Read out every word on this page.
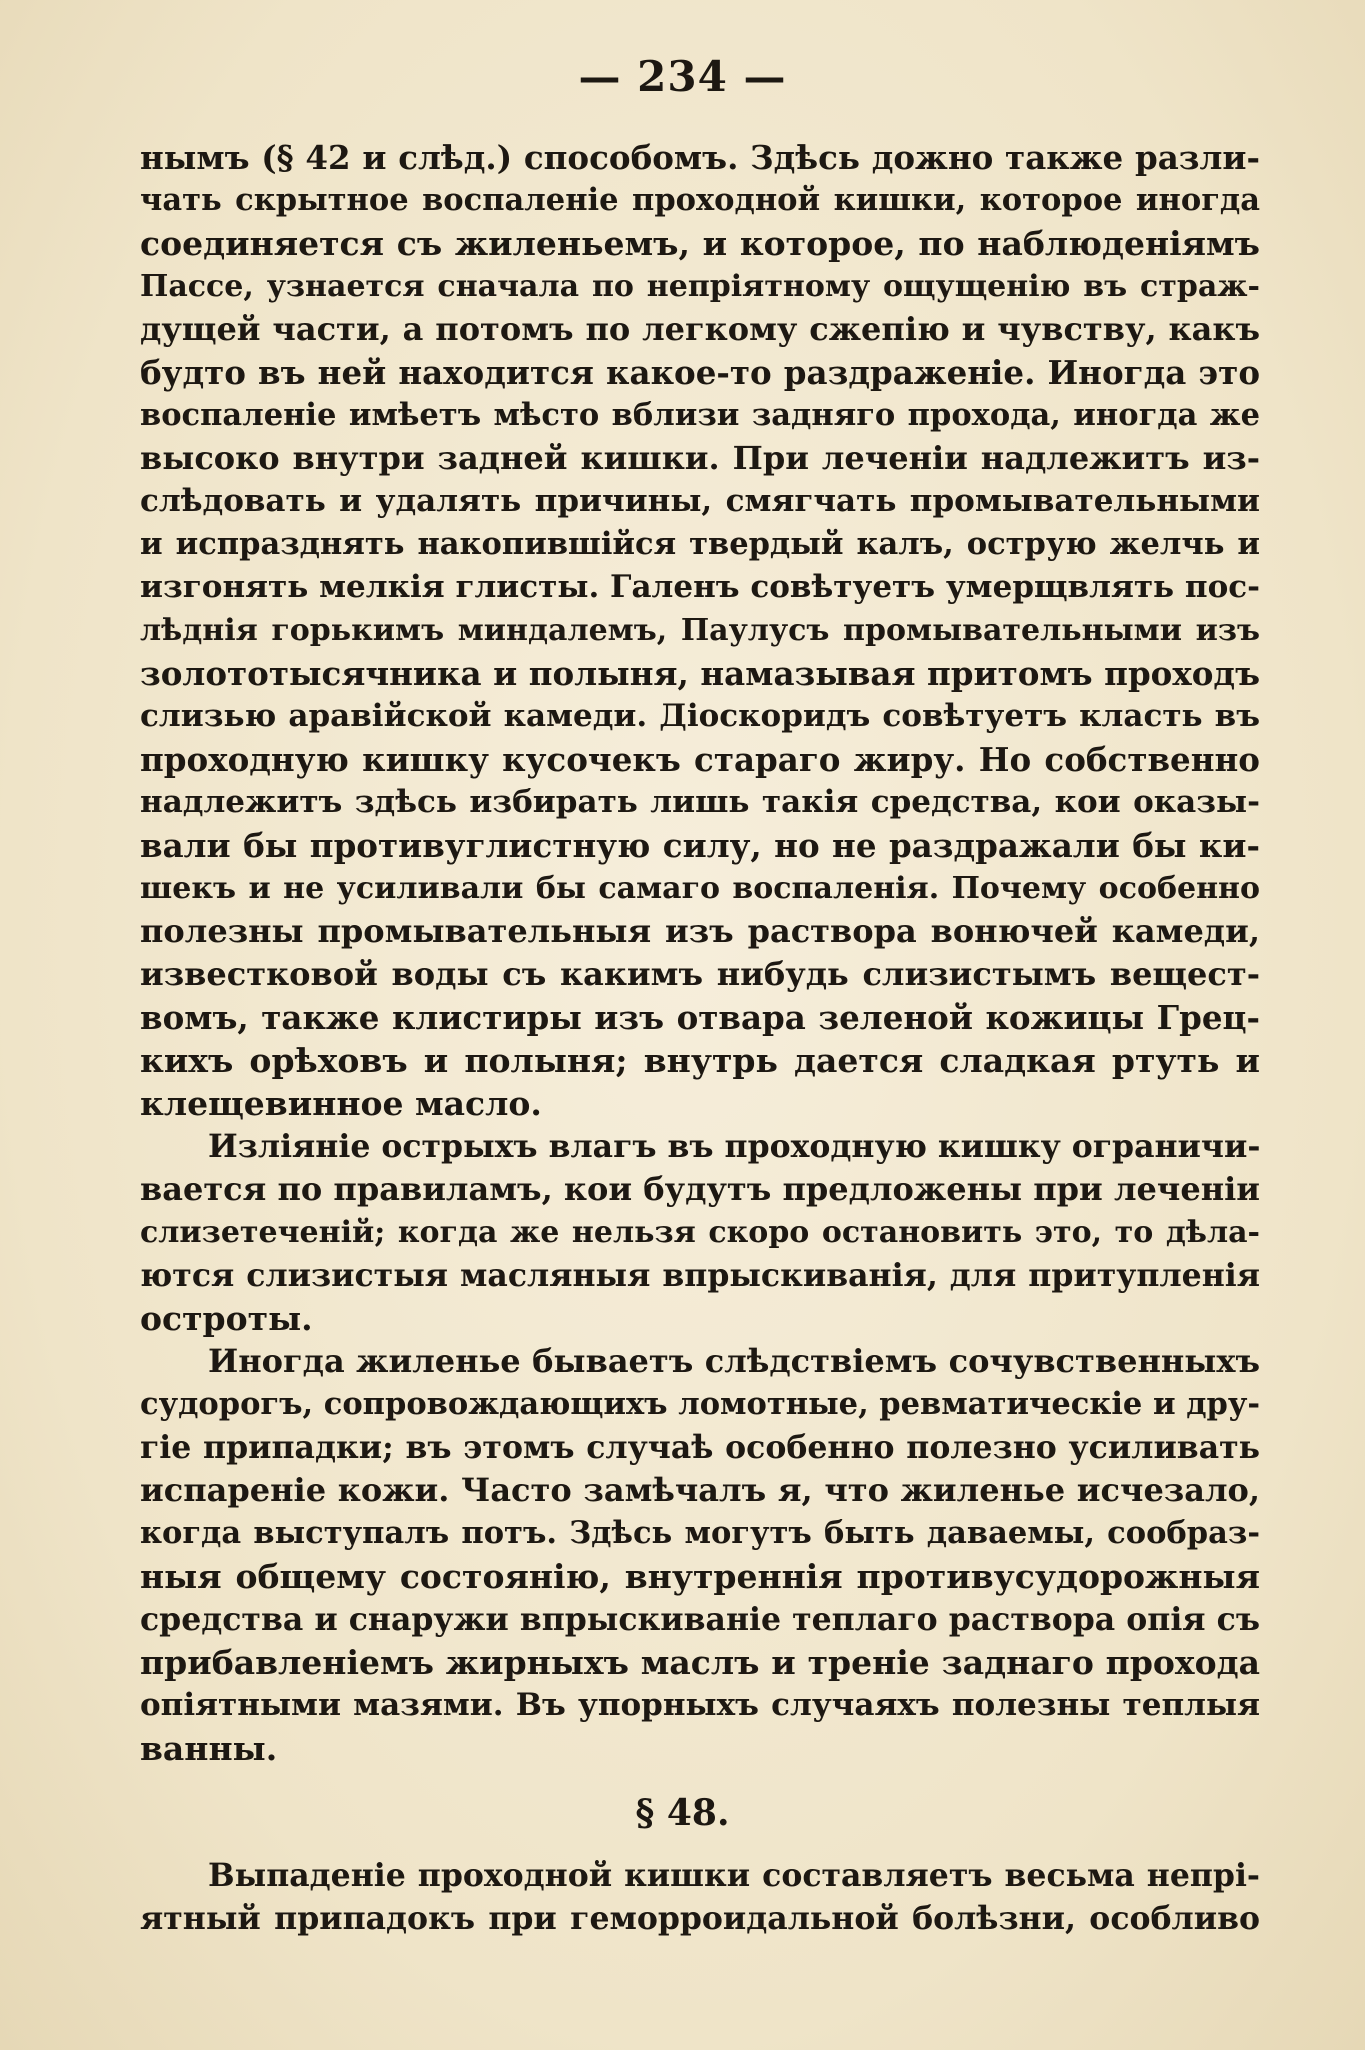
— 234 —
нымъ (§ 42 и слѣд.) способомъ. Здѣсь дожно также разли-
чать скрытное воспаленіе проходной кишки, которое иногда
соединяется съ жиленьемъ, и которое, по наблюденіямъ
Пассе, узнается сначала по непріятному ощущенію въ страж-
дущей части, а потомъ по легкому сжепію и чувству, какъ
будто въ ней находится какое-то раздраженіе. Иногда это
воспаленіе имѣетъ мѣсто вблизи задняго прохода, иногда же
высоко внутри задней кишки. При леченіи надлежитъ из-
слѣдовать и удалять причины, смягчать промывательными
и испразднять накопившійся твердый калъ, острую желчь и
изгонять мелкія глисты. Галенъ совѣтуетъ умерщвлять пос-
лѣднія горькимъ миндалемъ, Паулусъ промывательными изъ
золототысячника и полыня, намазывая притомъ проходъ
слизью аравійской камеди. Діоскоридъ совѣтуетъ класть въ
проходную кишку кусочекъ стараго жиру. Но собственно
надлежитъ здѣсь избирать лишь такія средства, кои оказы-
вали бы противуглистную силу, но не раздражали бы ки-
шекъ и не усиливали бы самаго воспаленія. Почему особенно
полезны промывательныя изъ раствора вонючей камеди,
известковой воды съ какимъ нибудь слизистымъ вещест-
вомъ, также клистиры изъ отвара зеленой кожицы Грец-
кихъ орѣховъ и полыня; внутрь дается сладкая ртуть и
клещевинное масло.
Изліяніе острыхъ влагъ въ проходную кишку ограничи-
вается по правиламъ, кои будутъ предложены при леченіи
слизетеченій; когда же нельзя скоро остановить это, то дѣла-
ются слизистыя масляныя впрыскиванія, для притупленія
остроты.
Иногда жиленье бываетъ слѣдствіемъ сочувственныхъ
судорогъ, сопровождающихъ ломотные, ревматическіе и дру-
гіе припадки; въ этомъ случаѣ особенно полезно усиливать
испареніе кожи. Часто замѣчалъ я, что жиленье исчезало,
когда выступалъ потъ. Здѣсь могутъ быть даваемы, сообраз-
ныя общему состоянію, внутреннія противусудорожныя
средства и снаружи впрыскиваніе теплаго раствора опія съ
прибавленіемъ жирныхъ маслъ и треніе заднаго прохода
опіятными мазями. Въ упорныхъ случаяхъ полезны теплыя
ванны.
§ 48.
Выпаденіе проходной кишки составляетъ весьма непрі-
ятный припадокъ при геморроидальной болѣзни, особливо
